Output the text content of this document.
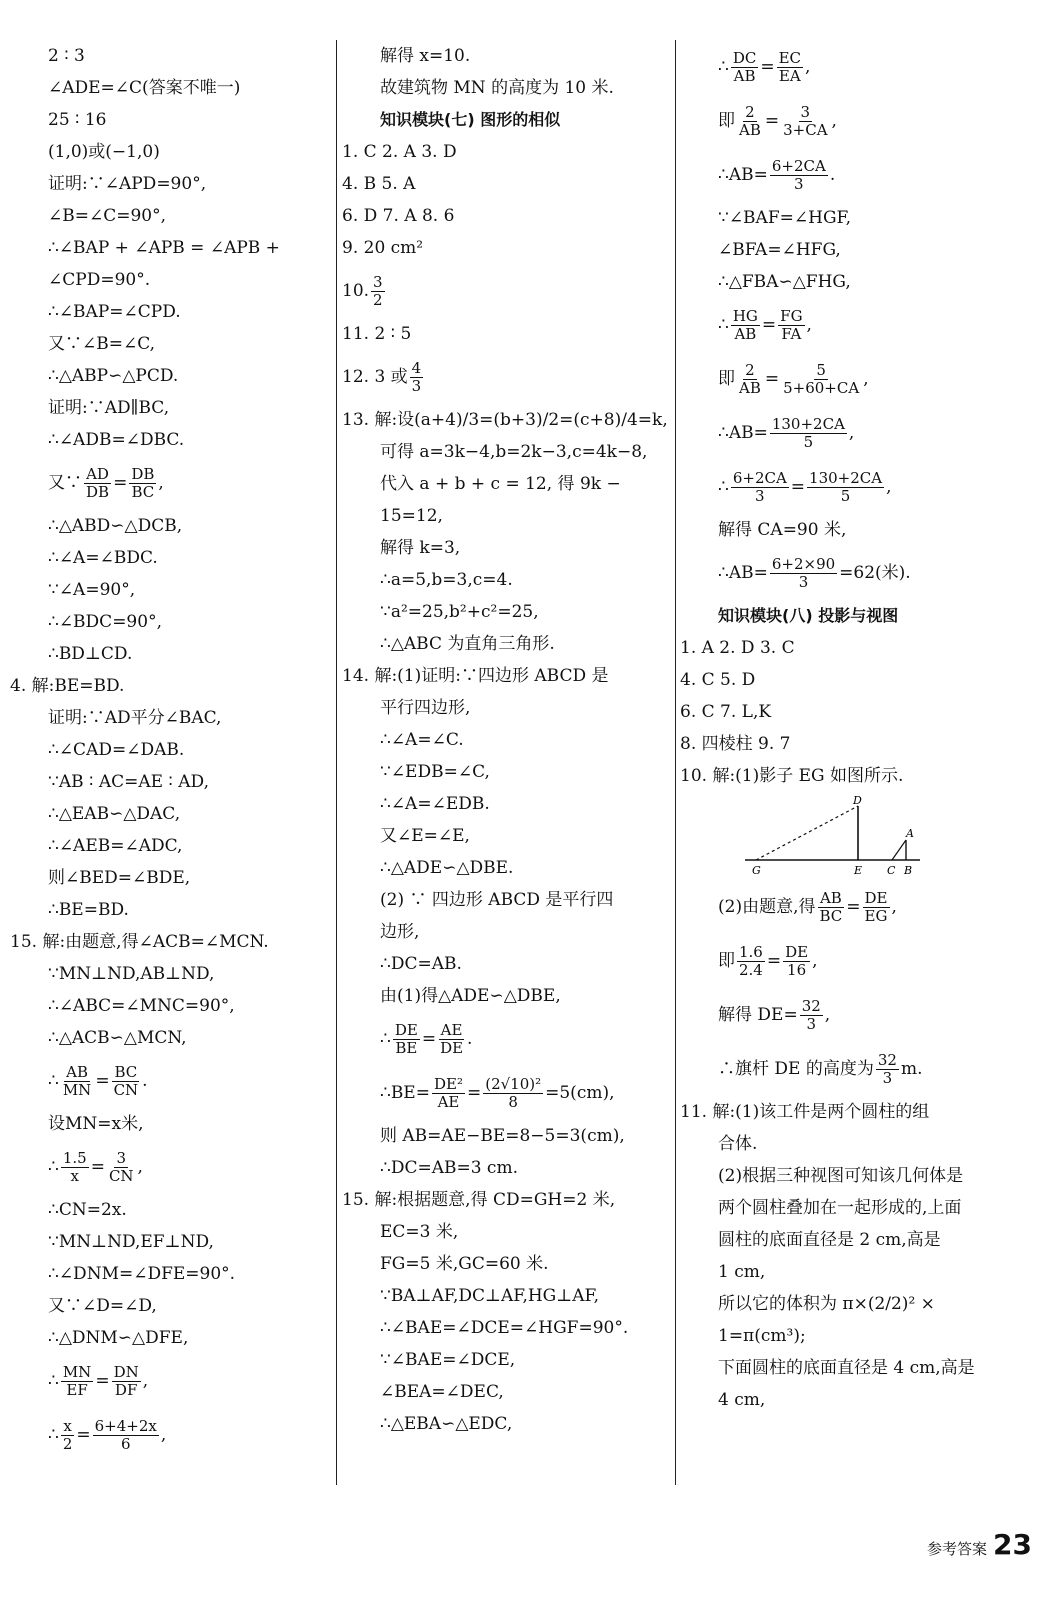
2 ∶ 3
∠ADE=∠C(答案不唯一)
25 ∶ 16
(1,0)或(−1,0)
证明:∵∠APD=90°,
∠B=∠C=90°,
∴∠BAP + ∠APB = ∠APB +
∠CPD=90°.
∴∠BAP=∠CPD.
又∵∠B=∠C,
∴△ABP∽△PCD.
证明:∵AD∥BC,
∴∠ADB=∠DBC.
又∵ $\frac{AD}{DB} = \frac{DB}{BC}$ ,
∴△ABD∽△DCB,
∴∠A=∠BDC.
∵∠A=90°,
∴∠BDC=90°,
∴BD⊥CD.
4. 解:BE=BD.
证明:∵AD平分∠BAC,
∴∠CAD=∠DAB.
∵AB ∶ AC=AE ∶ AD,
∴△EAB∽△DAC,
∴∠AEB=∠ADC,
则∠BED=∠BDE,
∴BE=BD.
15. 解:由题意,得∠ACB=∠MCN.
∵MN⊥ND,AB⊥ND,
∴∠ABC=∠MNC=90°,
∴△ACB∽△MCN,
∴ $\frac{AB}{MN} = \frac{BC}{CN}$ .
设MN=x米,
∴ $\frac{1.5}{x} = \frac{3}{CN}$ ,
∴CN=2x.
∵MN⊥ND,EF⊥ND,
∴∠DNM=∠DFE=90°.
又∵∠D=∠D,
∴△DNM∽△DFE,
∴ $\frac{MN}{EF} = \frac{DN}{DF}$ ,
∴ $\frac{x}{2} = \frac{6+4+2x}{6}$ ,
解得 x=10.
故建筑物 MN 的高度为 10 米.
知识模块(七) 图形的相似
1. C 2. A 3. D
4. B 5. A
6. D 7. A 8. 6
9. 20 cm²
10. $\frac{3}{2}$
11. 2 ∶ 5
12. 3 或 $\frac{4}{3}$
13. 解:设(a+4)/3=(b+3)/2=(c+8)/4=k,
可得 a=3k−4,b=2k−3,c=4k−8,
代入 a + b + c = 12, 得 9k −
15=12,
解得 k=3,
∴a=5,b=3,c=4.
∵a²=25,b²+c²=25,
∴△ABC 为直角三角形.
14. 解:(1)证明:∵四边形 ABCD 是
平行四边形,
∴∠A=∠C.
∵∠EDB=∠C,
∴∠A=∠EDB.
又∠E=∠E,
∴△ADE∽△DBE.
(2) ∵ 四边形 ABCD 是平行四
边形,
∴DC=AB.
由(1)得△ADE∽△DBE,
∴ $\frac{DE}{BE} = \frac{AE}{DE}$ .
∴BE= $\frac{\text{DE²}}{AE} = \frac{\text{(2√10)²}}{8} =5(cm)$,
则 AB=AE−BE=8−5=3(cm),
∴DC=AB=3 cm.
15. 解:根据题意,得 CD=GH=2 米,
EC=3 米,
FG=5 米,GC=60 米.
∵BA⊥AF,DC⊥AF,HG⊥AF,
∴∠BAE=∠DCE=∠HGF=90°.
∵∠BAE=∠DCE,
∠BEA=∠DEC,
∴△EBA∽△EDC,
∴ $\frac{DC}{AB} = \frac{EC}{EA}$ ,
即 $\frac{2}{AB} = \frac{3}{3+CA}$ ,
∴AB= $\frac{6+2CA}{3}$ .
∵∠BAF=∠HGF,
∠BFA=∠HFG,
∴△FBA∽△FHG,
∴ $\frac{HG}{AB} = \frac{FG}{FA}$ ,
即 $\frac{2}{AB} = \frac{5}{5+60+CA}$ ,
∴AB= $\frac{130+2CA}{5}$ ,
∴ $\frac{6+2CA}{3} = \frac{130+2CA}{5}$ ,
解得 CA=90 米,
∴AB= $\frac{6+2\times 90}{3} =62$(米).
知识模块(八) 投影与视图
1. A 2. D 3. C
4. C 5. D
6. C 7. L,K
8. 四棱柱 9. 7
10. 解:(1)影子 EG 如图所示.
D
G	E C B
A
(2)由题意,得 $\frac{AB}{BC} = \frac{DE}{EG}$ ,
即 $\frac{1.6}{2.4} = \frac{DE}{16}$ ,
解得 $DE= \frac{32}{3}$ ,
∴旗杆 DE 的高度为 $\frac{32}{3} m$.
11. 解:(1)该工件是两个圆柱的组
合体.
(2)根据三种视图可知该几何体是
两个圆柱叠加在一起形成的,上面
圆柱的底面直径是 2 cm,高是
1 cm,
所以它的体积为 π×(2/2)² ×
1=π(cm³);
下面圆柱的底面直径是 4 cm,高是
4 cm,
参考答案 23
